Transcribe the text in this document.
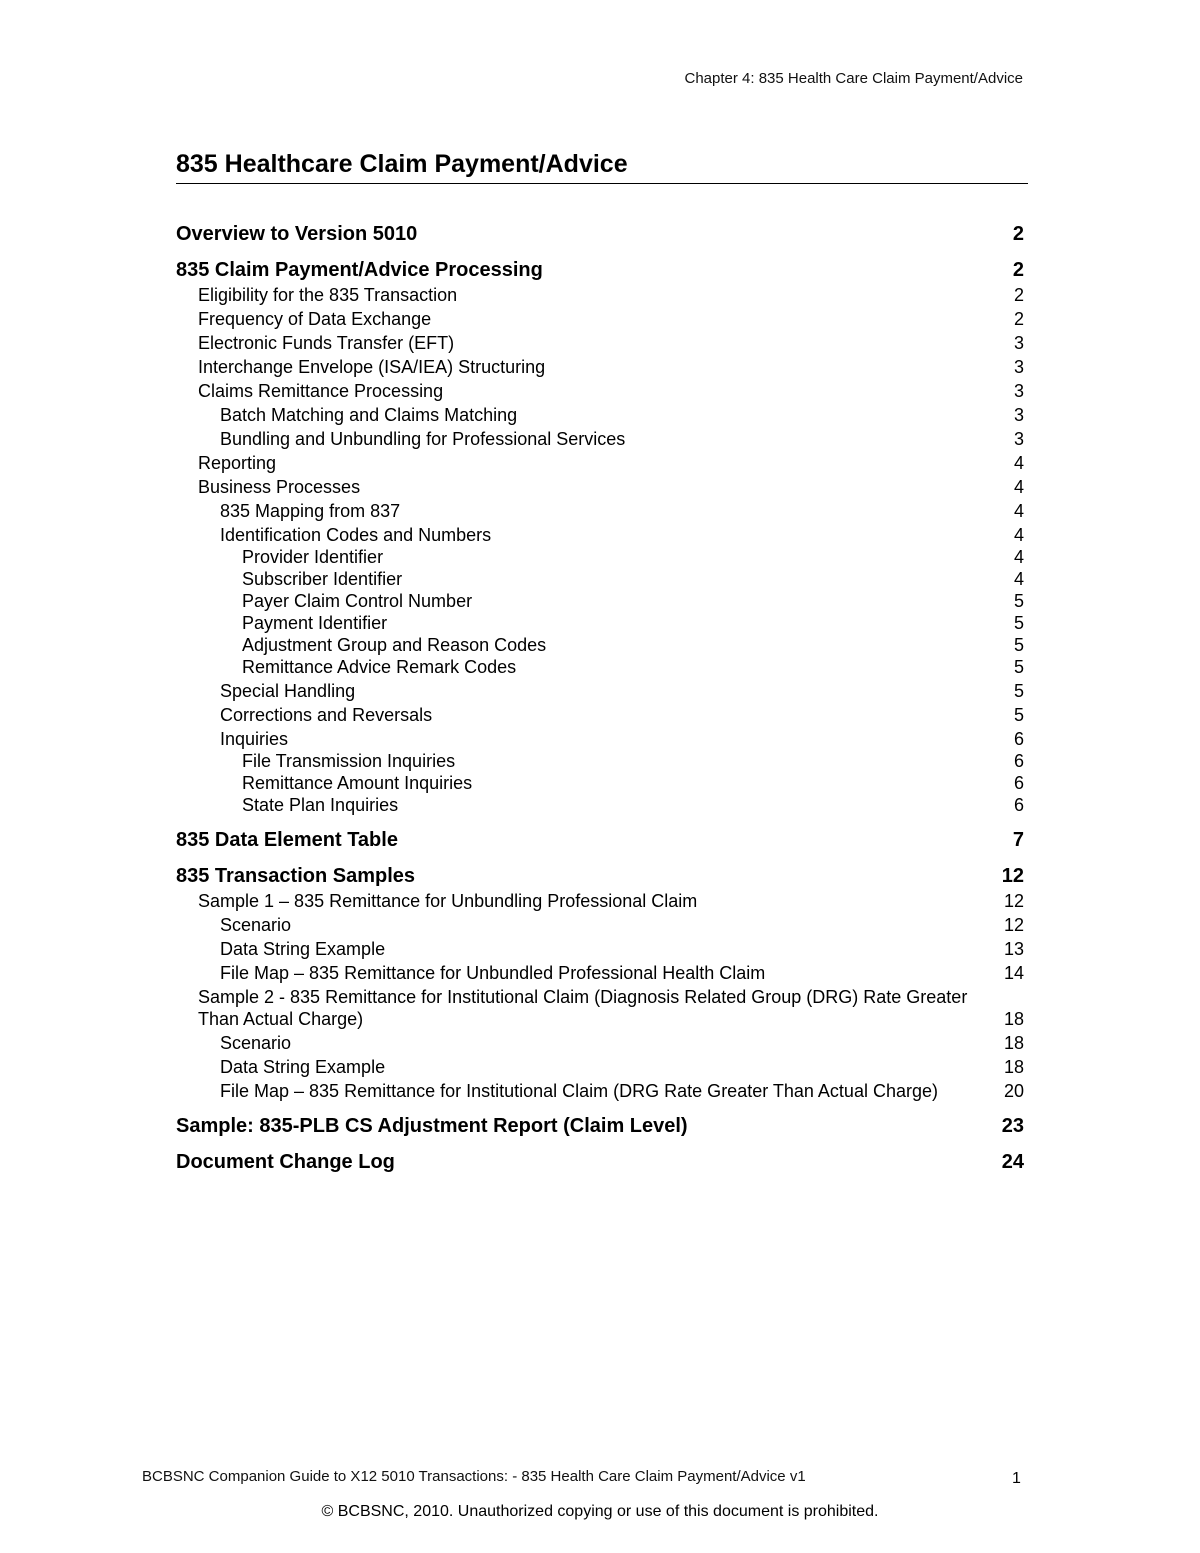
Chapter 4: 835 Health Care Claim Payment/Advice
835 Healthcare Claim Payment/Advice
Overview to Version 5010	2
835 Claim Payment/Advice Processing	2
Eligibility for the 835 Transaction	2
Frequency of Data Exchange	2
Electronic Funds Transfer (EFT)	3
Interchange Envelope (ISA/IEA) Structuring	3
Claims Remittance Processing	3
Batch Matching and Claims Matching	3
Bundling and Unbundling for Professional Services	3
Reporting	4
Business Processes	4
835 Mapping from 837	4
Identification Codes and Numbers	4
Provider Identifier	4
Subscriber Identifier	4
Payer Claim Control Number	5
Payment Identifier	5
Adjustment Group and Reason Codes	5
Remittance Advice Remark Codes	5
Special Handling	5
Corrections and Reversals	5
Inquiries	6
File Transmission Inquiries	6
Remittance Amount Inquiries	6
State Plan Inquiries	6
835 Data Element Table	7
835 Transaction Samples	12
Sample 1 – 835 Remittance for Unbundling Professional Claim	12
Scenario	12
Data String Example	13
File Map – 835 Remittance for Unbundled Professional Health Claim	14
Sample 2 - 835 Remittance for Institutional Claim (Diagnosis Related Group (DRG) Rate Greater Than Actual Charge)	18
Scenario	18
Data String Example	18
File Map – 835 Remittance for Institutional Claim (DRG Rate Greater Than Actual Charge)	20
Sample: 835-PLB CS Adjustment Report (Claim Level)	23
Document Change Log	24
BCBSNC Companion Guide to X12 5010 Transactions: - 835 Health Care Claim Payment/Advice v1	1
© BCBSNC, 2010. Unauthorized copying or use of this document is prohibited.
